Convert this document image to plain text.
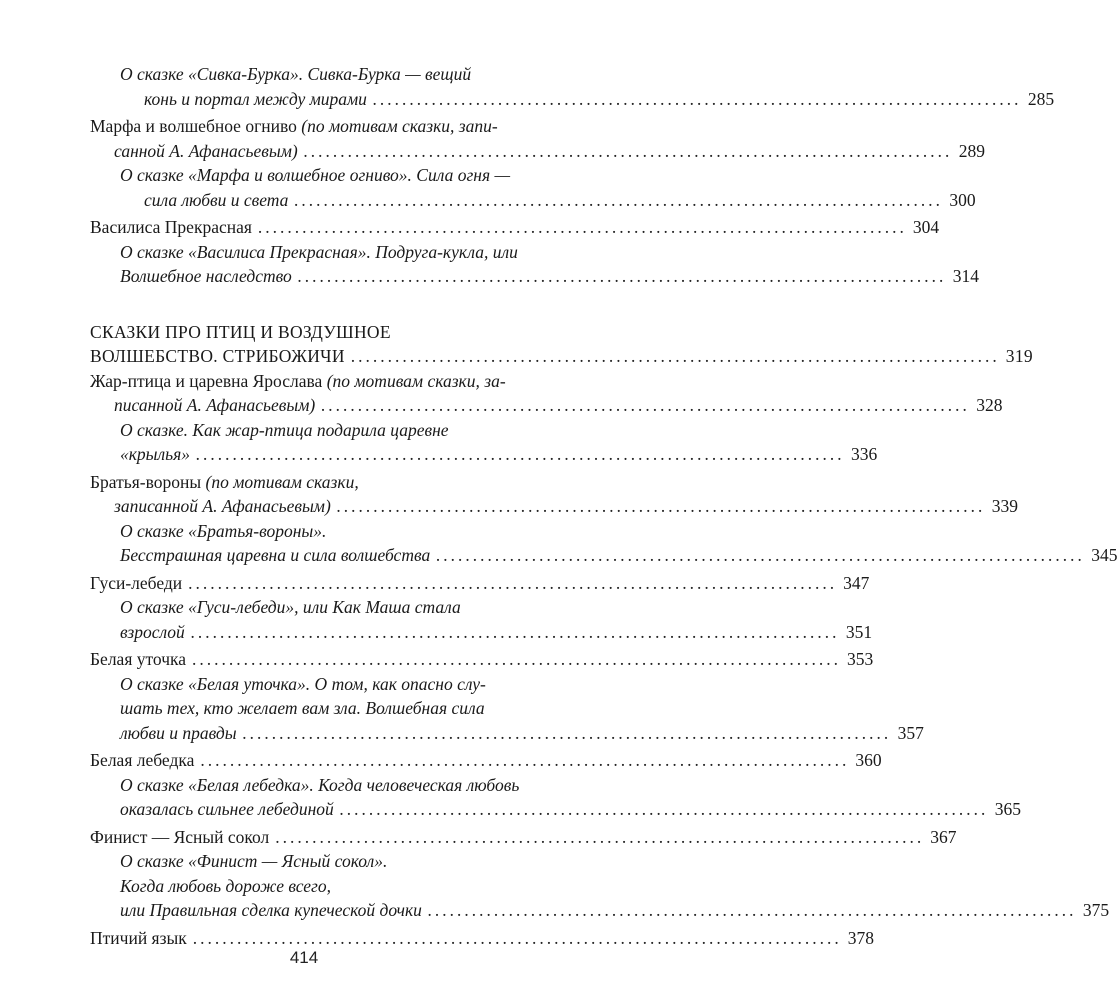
О сказке «Сивка-Бурка». Сивка-Бурка — вещий
конь и портал между мирами ........................................................................................ 285
Марфа и волшебное огниво (по мотивам сказки, запи-
санной А. Афанасьевым) ........................................................................................ 289
О сказке «Марфа и волшебное огниво». Сила огня —
сила любви и света ........................................................................................ 300
Василиса Прекрасная ........................................................................................ 304
О сказке «Василиса Прекрасная». Подруга-кукла, или
Волшебное наследство ........................................................................................ 314
СКАЗКИ ПРО ПТИЦ И ВОЗДУШНОЕ
ВОЛШЕБСТВО. СТРИБОЖИЧИ ........................................................................................ 319
Жар-птица и царевна Ярослава (по мотивам сказки, за-
писанной А. Афанасьевым) ........................................................................................ 328
О сказке. Как жар-птица подарила царевне
«крылья» ........................................................................................ 336
Братья-вороны (по мотивам сказки,
записанной А. Афанасьевым) ........................................................................................ 339
О сказке «Братья-вороны».
Бесстрашная царевна и сила волшебства ........................................................................................ 345
Гуси-лебеди ........................................................................................ 347
О сказке «Гуси-лебеди», или Как Маша стала
взрослой ........................................................................................ 351
Белая уточка ........................................................................................ 353
О сказке «Белая уточка». О том, как опасно слу-
шать тех, кто желает вам зла. Волшебная сила
любви и правды ........................................................................................ 357
Белая лебедка ........................................................................................ 360
О сказке «Белая лебедка». Когда человеческая любовь
оказалась сильнее лебединой ........................................................................................ 365
Финист — Ясный сокол ........................................................................................ 367
О сказке «Финист — Ясный сокол».
Когда любовь дороже всего,
или Правильная сделка купеческой дочки ........................................................................................ 375
Птичий язык ........................................................................................ 378
414
